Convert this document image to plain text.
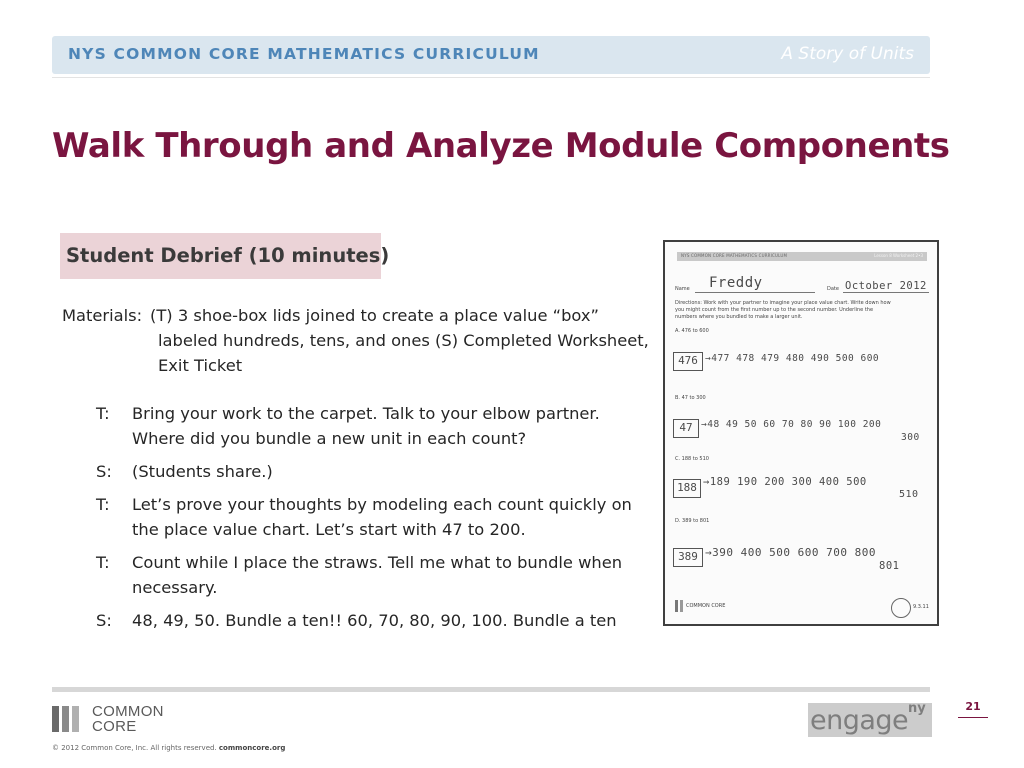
NYS COMMON CORE MATHEMATICS CURRICULUM	A Story of Units
Walk Through and Analyze Module Components
Student Debrief (10 minutes)
Materials: (T) 3 shoe-box lids joined to create a place value “box”
labeled hundreds, tens, and ones (S) Completed Worksheet,
Exit Ticket
T:	Bring your work to the carpet. Talk to your elbow partner.
Where did you bundle a new unit in each count?
S:	(Students share.)
T:	Let’s prove your thoughts by modeling each count quickly on
the place value chart. Let’s start with 47 to 200.
T:	Count while I place the straws. Tell me what to bundle when
necessary.
S:	48, 49, 50. Bundle a ten!! 60, 70, 80, 90, 100. Bundle a ten
NYS COMMON CORE MATHEMATICS CURRICULUM	Lesson 8 Worksheet 2•3
Name Freddy	Date October 2012
Directions: Work with your partner to imagine your place value chart. Write down how
you might count from the first number up to the second number. Underline the
numbers where you bundled to make a larger unit.
A. 476 to 600
476 →477 478 479 480 490 500 600
B. 47 to 300
47 →48 49 50 60 70 80 90 100 200
300
C. 188 to 510
188 →189 190 200 300 400 500
510
D. 389 to 801
389 →390 400 500 600 700 800
801
COMMON CORE	9.3.11
COMMON
CORE
© 2012 Common Core, Inc. All rights reserved. commoncore.org
engage ny	21
